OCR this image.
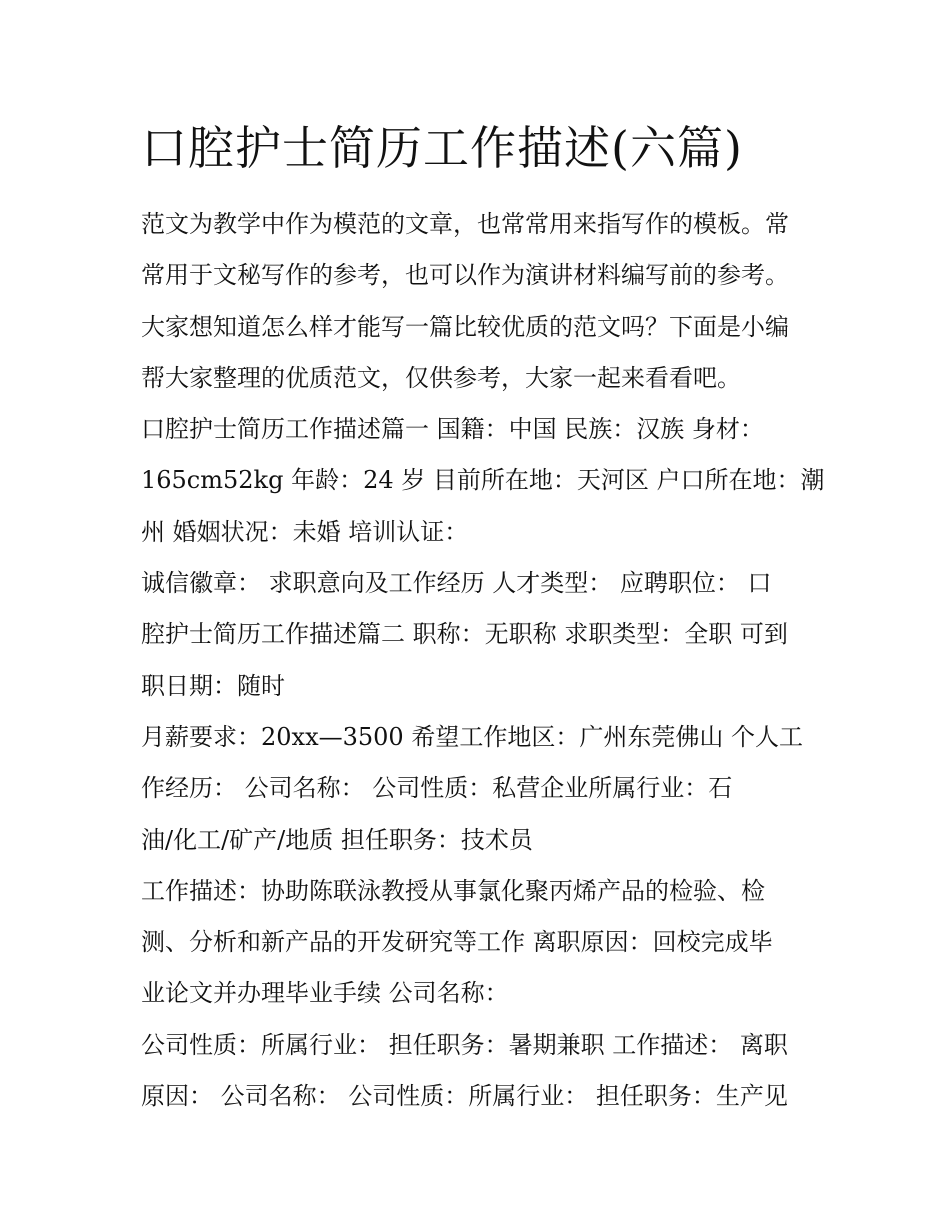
口腔护士简历工作描述(六篇)
范文为教学中作为模范的文章，也常常用来指写作的模板。常
常用于文秘写作的参考，也可以作为演讲材料编写前的参考。
大家想知道怎么样才能写一篇比较优质的范文吗？下面是小编
帮大家整理的优质范文，仅供参考，大家一起来看看吧。
口腔护士简历工作描述篇一 国籍：中国 民族：汉族 身材：
165cm52kg 年龄：24 岁 目前所在地：天河区 户口所在地：潮
州 婚姻状况：未婚 培训认证：
诚信徽章： 求职意向及工作经历 人才类型： 应聘职位： 口
腔护士简历工作描述篇二 职称：无职称 求职类型：全职 可到
职日期：随时
月薪要求：20xx—3500 希望工作地区：广州东莞佛山 个人工
作经历： 公司名称： 公司性质：私营企业所属行业：石
油/化工/矿产/地质 担任职务：技术员
工作描述：协助陈联泳教授从事氯化聚丙烯产品的检验、检
测、分析和新产品的开发研究等工作 离职原因：回校完成毕
业论文并办理毕业手续 公司名称：
公司性质：所属行业： 担任职务：暑期兼职 工作描述： 离职
原因： 公司名称： 公司性质：所属行业： 担任职务：生产见
